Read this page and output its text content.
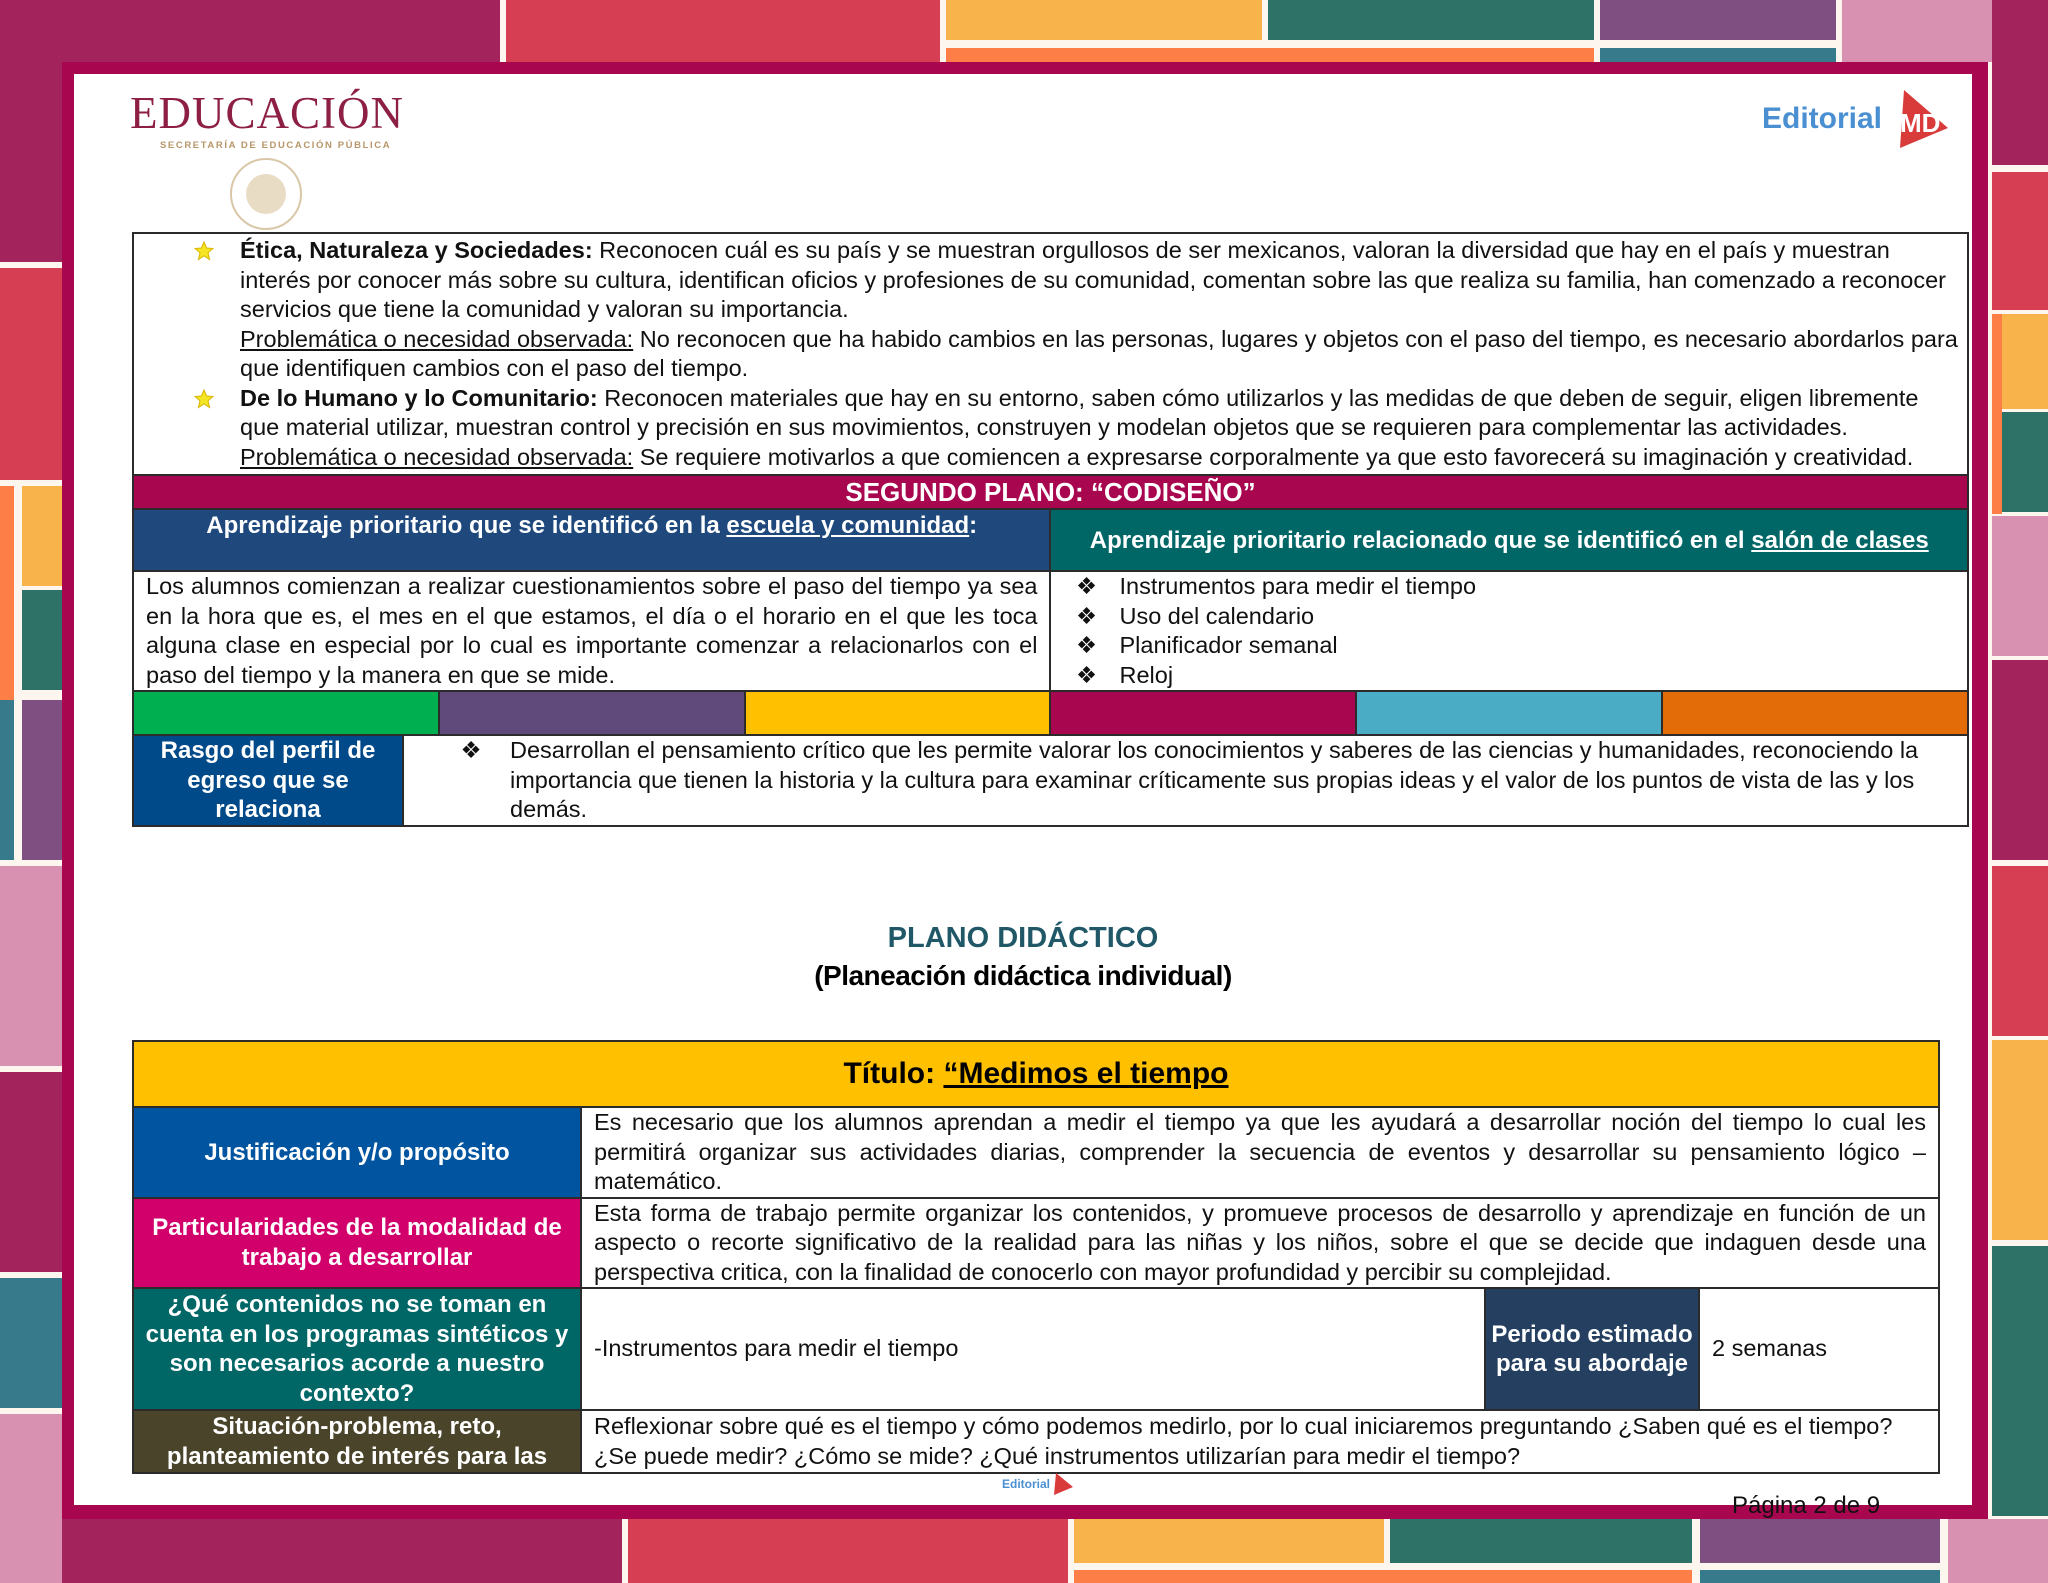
EDUCACIÓN
SECRETARÍA DE EDUCACIÓN PÚBLICA
Editorial MD
Ética, Naturaleza y Sociedades: Reconocen cuál es su país y se muestran orgullosos de ser mexicanos, valoran la diversidad que hay en el país y muestran interés por conocer más sobre su cultura, identifican oficios y profesiones de su comunidad, comentan sobre las que realiza su familia, han comenzado a reconocer servicios que tiene la comunidad y valoran su importancia.
Problemática o necesidad observada: No reconocen que ha habido cambios en las personas, lugares y objetos con el paso del tiempo, es necesario abordarlos para que identifiquen cambios con el paso del tiempo.
De lo Humano y lo Comunitario: Reconocen materiales que hay en su entorno, saben cómo utilizarlos y las medidas de que deben de seguir, eligen libremente que material utilizar, muestran control y precisión en sus movimientos, construyen y modelan objetos que se requieren para complementar las actividades.
Problemática o necesidad observada: Se requiere motivarlos a que comiencen a expresarse corporalmente ya que esto favorecerá su imaginación y creatividad.

SEGUNDO PLANO: “CODISEÑO”					
Aprendizaje prioritario que se identificó en la escuela y comunidad:			Aprendizaje prioritario relacionado que se identificó en el salón de clases		
Los alumnos comienzan a realizar cuestionamientos sobre el paso del tiempo ya sea en la hora que es, el mes en el que estamos, el día o el horario en el que les toca alguna clase en especial por lo cual es importante comenzar a relacionarlos con el paso del tiempo y la manera en que se mide.	
❖ Instrumentos para medir el tiempo
❖ Uso del calendario
❖ Planificador semanal
❖ Reloj

Rasgo del perfil de egreso que se relaciona
❖ Desarrollan el pensamiento crítico que les permite valorar los conocimientos y saberes de las ciencias y humanidades, reconociendo la importancia que tienen la historia y la cultura para examinar críticamente sus propias ideas y el valor de los puntos de vista de las y los demás.					
PLANO DIDÁCTICO
(Planeación didáctica individual)
Título: “Medimos el tiempo			
Justificación y/o propósito	Es necesario que los alumnos aprendan a medir el tiempo ya que les ayudará a desarrollar noción del tiempo lo cual les permitirá organizar sus actividades diarias, comprender la secuencia de eventos y desarrollar su pensamiento lógico – matemático.		
Particularidades de la modalidad de trabajo a desarrollar	Esta forma de trabajo permite organizar los contenidos, y promueve procesos de desarrollo y aprendizaje en función de un aspecto o recorte significativo de la realidad para las niñas y los niños, sobre el que se decide que indaguen desde una perspectiva critica, con la finalidad de conocerlo con mayor profundidad y percibir su complejidad.		
¿Qué contenidos no se toman en cuenta en los programas sintéticos y son necesarios acorde a nuestro contexto?	-Instrumentos para medir el tiempo	Periodo estimado para su abordaje	2 semanas
Situación-problema, reto, planteamiento de interés para las	Reflexionar sobre qué es el tiempo y cómo podemos medirlo, por lo cual iniciaremos preguntando ¿Saben qué es el tiempo? ¿Se puede medir? ¿Cómo se mide? ¿Qué instrumentos utilizarían para medir el tiempo?		
Editorial
Página 2 de 9
